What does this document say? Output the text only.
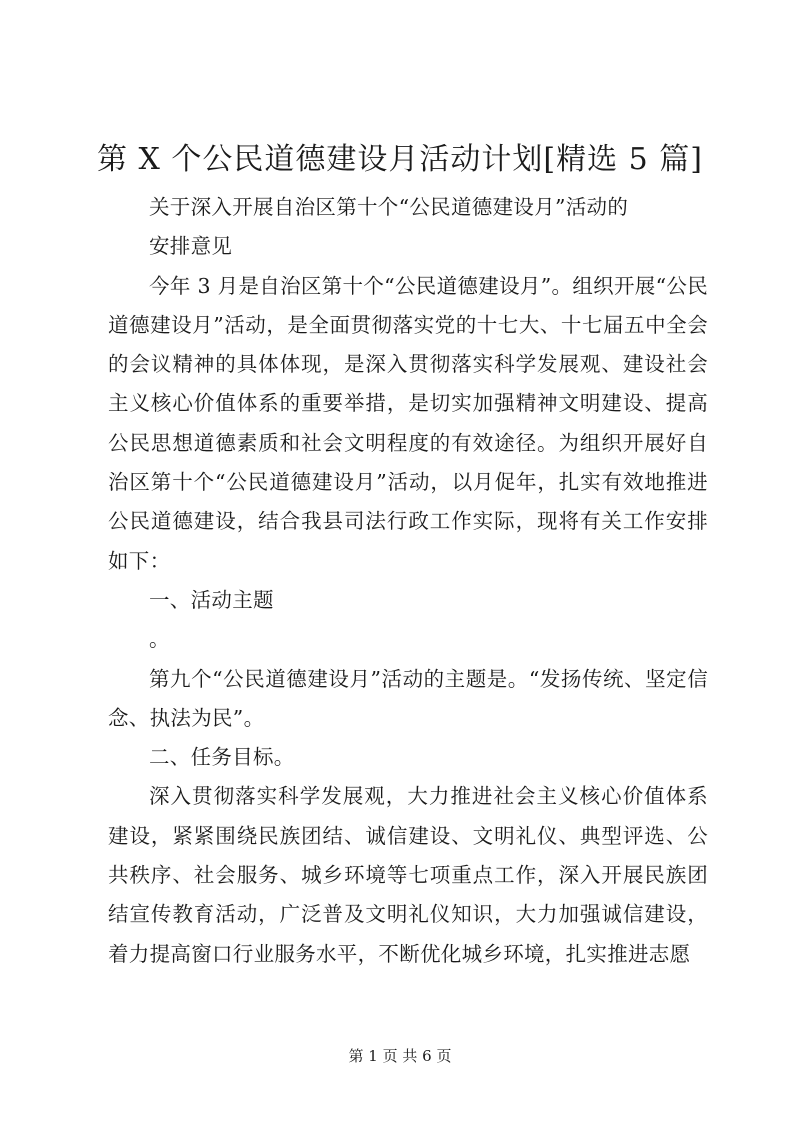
第 X 个公民道德建设月活动计划[精选 5 篇]

关于深入开展自治区第十个“公民道德建设月”活动的

安排意见

今年 3 月是自治区第十个“公民道德建设月”。组织开展“公民道德建设月”活动，是全面贯彻落实党的十七大、十七届五中全会的会议精神的具体体现，是深入贯彻落实科学发展观、建设社会主义核心价值体系的重要举措，是切实加强精神文明建设、提高公民思想道德素质和社会文明程度的有效途径。为组织开展好自治区第十个“公民道德建设月”活动，以月促年，扎实有效地推进公民道德建设，结合我县司法行政工作实际，现将有关工作安排如下：

一、活动主题

。

第九个“公民道德建设月”活动的主题是。“发扬传统、坚定信念、执法为民”。

二、任务目标。

深入贯彻落实科学发展观，大力推进社会主义核心价值体系建设，紧紧围绕民族团结、诚信建设、文明礼仪、典型评选、公共秩序、社会服务、城乡环境等七项重点工作，深入开展民族团结宣传教育活动，广泛普及文明礼仪知识，大力加强诚信建设，着力提高窗口行业服务水平，不断优化城乡环境，扎实推进志愿

第 1 页 共 6 页
